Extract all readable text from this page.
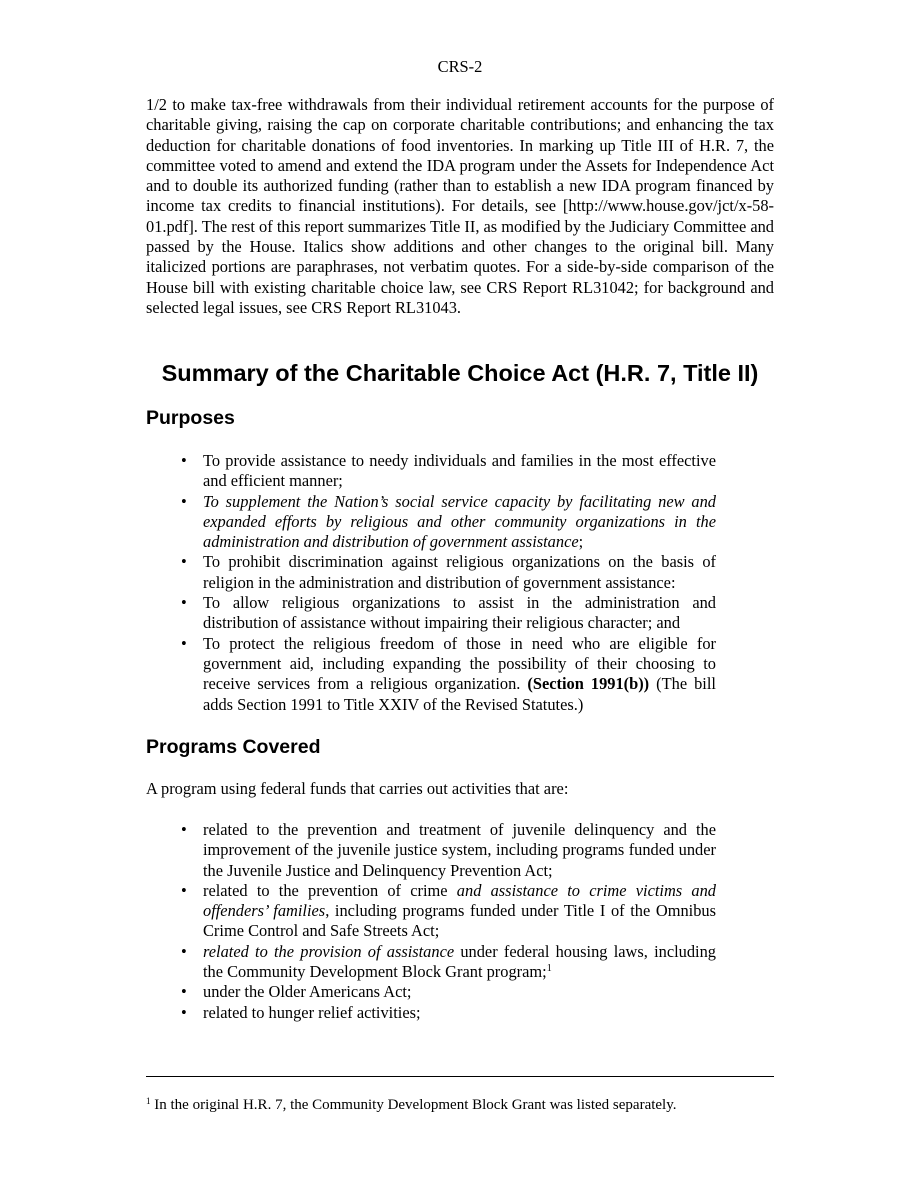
CRS-2
1/2 to make tax-free withdrawals from their individual retirement accounts for the purpose of charitable giving, raising the cap on corporate charitable contributions; and enhancing the tax deduction for charitable donations of food inventories. In marking up Title III of H.R. 7, the committee voted to amend and extend the IDA program under the Assets for Independence Act and to double its authorized funding (rather than to establish a new IDA program financed by income tax credits to financial institutions). For details, see [http://www.house.gov/jct/x-58-01.pdf]. The rest of this report summarizes Title II, as modified by the Judiciary Committee and passed by the House. Italics show additions and other changes to the original bill. Many italicized portions are paraphrases, not verbatim quotes. For a side-by-side comparison of the House bill with existing charitable choice law, see CRS Report RL31042; for background and selected legal issues, see CRS Report RL31043.
Summary of the Charitable Choice Act (H.R. 7, Title II)
Purposes
• To provide assistance to needy individuals and families in the most effective and efficient manner;
• To supplement the Nation’s social service capacity by facilitating new and expanded efforts by religious and other community organizations in the administration and distribution of government assistance;
• To prohibit discrimination against religious organizations on the basis of religion in the administration and distribution of government assistance:
• To allow religious organizations to assist in the administration and distribution of assistance without impairing their religious character; and
• To protect the religious freedom of those in need who are eligible for government aid, including expanding the possibility of their choosing to receive services from a religious organization. (Section 1991(b)) (The bill adds Section 1991 to Title XXIV of the Revised Statutes.)
Programs Covered
A program using federal funds that carries out activities that are:
• related to the prevention and treatment of juvenile delinquency and the improvement of the juvenile justice system, including programs funded under the Juvenile Justice and Delinquency Prevention Act;
• related to the prevention of crime and assistance to crime victims and offenders’ families, including programs funded under Title I of the Omnibus Crime Control and Safe Streets Act;
• related to the provision of assistance under federal housing laws, including the Community Development Block Grant program;$^1$
• under the Older Americans Act;
• related to hunger relief activities;
$^1$ In the original H.R. 7, the Community Development Block Grant was listed separately.
